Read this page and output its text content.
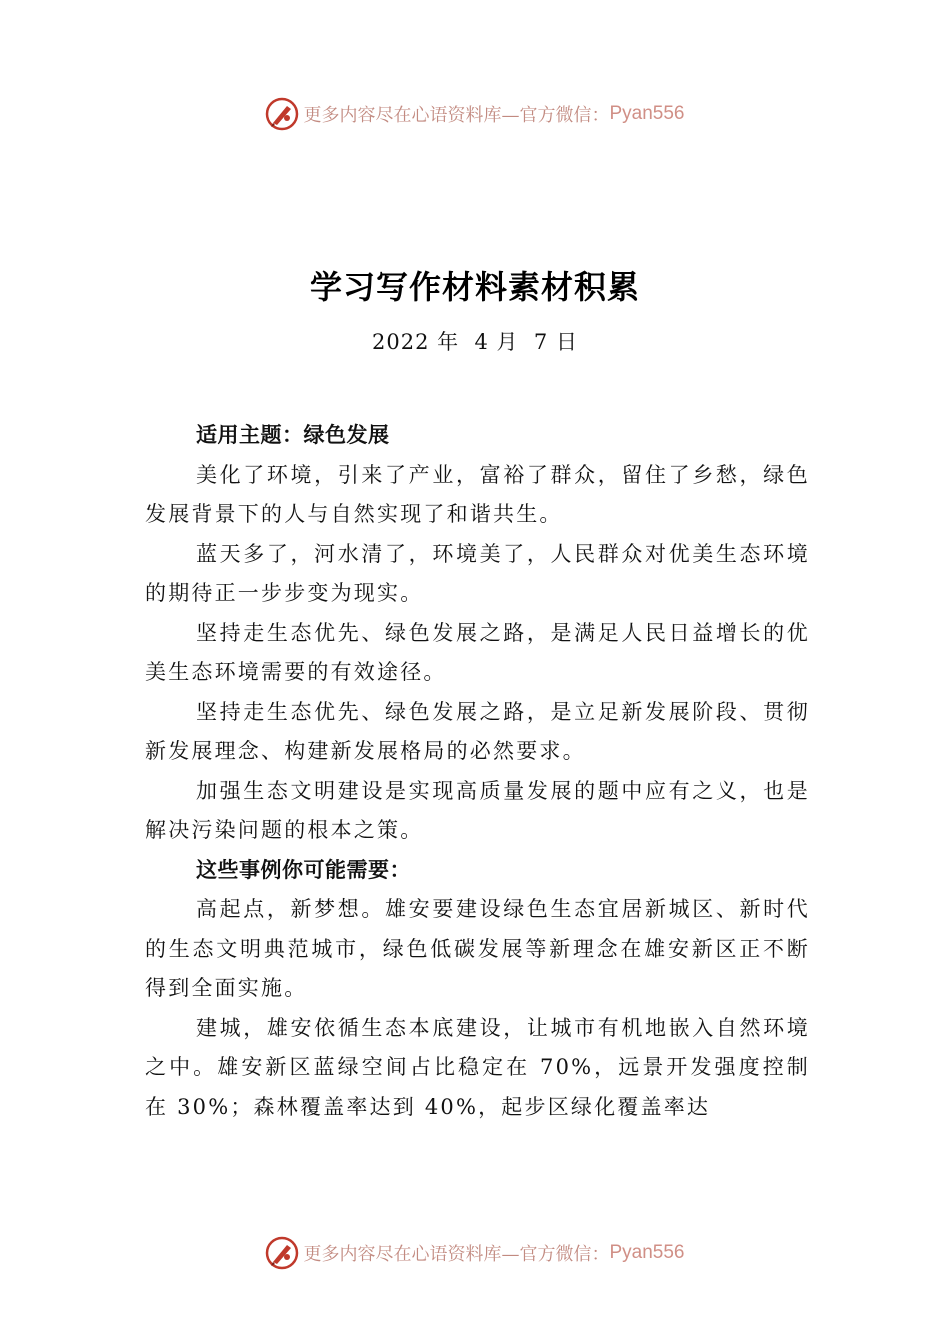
更多内容尽在心语资料库—官方微信： Pyan556
学习写作材料素材积累
2022 年  4 月  7 日
适用主题：绿色发展

美化了环境，引来了产业，富裕了群众，留住了乡愁，绿色发展背景下的人与自然实现了和谐共生。

蓝天多了，河水清了，环境美了，人民群众对优美生态环境的期待正一步步变为现实。

坚持走生态优先、绿色发展之路，是满足人民日益增长的优美生态环境需要的有效途径。

坚持走生态优先、绿色发展之路，是立足新发展阶段、贯彻新发展理念、构建新发展格局的必然要求。

加强生态文明建设是实现高质量发展的题中应有之义，也是解决污染问题的根本之策。

这些事例你可能需要：

高起点，新梦想。雄安要建设绿色生态宜居新城区、新时代的生态文明典范城市，绿色低碳发展等新理念在雄安新区正不断得到全面实施。

建城，雄安依循生态本底建设，让城市有机地嵌入自然环境之中。雄安新区蓝绿空间占比稳定在 70%，远景开发强度控制在 30%；森林覆盖率达到 40%，起步区绿化覆盖率达

更多内容尽在心语资料库—官方微信： Pyan556
